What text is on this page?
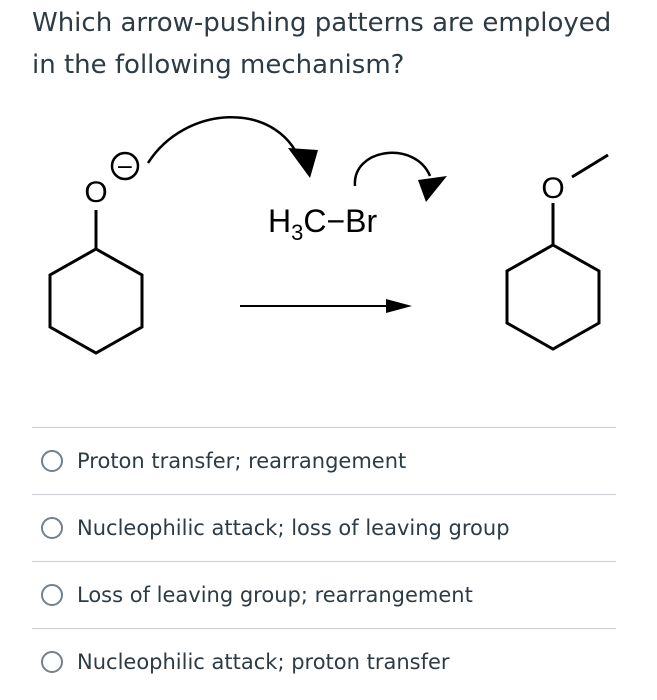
Which arrow-pushing patterns are employed in the following mechanism?
O
−
$H_3C-Br$
O
Proton transfer; rearrangement
Nucleophilic attack; loss of leaving group
Loss of leaving group; rearrangement
Nucleophilic attack; proton transfer
